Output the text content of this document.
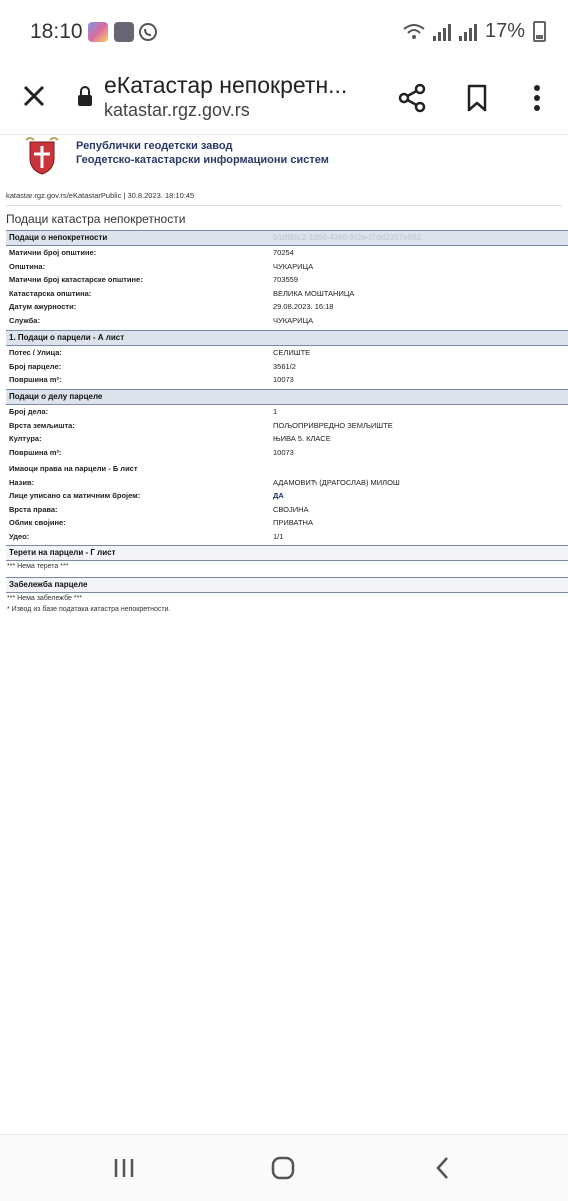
18:10	17%
еКатастар непокретн...
katastar.rgz.gov.rs
Републички геодетски завод
Геодетско-катастарски информациони систем
katastar.rgz.gov.rs/eKatastarPublic | 30.8.2023. 18:10:45
Подаци катастра непокретности
Подаци о непокретности	b1df8fc2-1d90-4360-9f2e-f7dd2317e952
Матични број општине:	70254
Општина:	ЧУКАРИЦА
Матични број катастарске општине:	703559
Катастарска општина:	ВЕЛИКА МОШТАНИЦА
Датум ажурности:	29.08.2023. 16:18
Служба:	ЧУКАРИЦА
1. Подаци о парцели - А лист
Потес / Улица:	СЕЛИШТЕ
Број парцеле:	3561/2
Површина m²:	10073
Подаци о делу парцеле
Број дела:	1
Врста земљишта:	ПОЉОПРИВРЕДНО ЗЕМЉИШТЕ
Култура:	ЊИВА 5. КЛАСЕ
Површина m²:	10073
Имаоци права на парцели - Б лист
Назив:	АДАМОВИЋ (ДРАГОСЛАВ) МИЛОШ
Лице уписано са матичним бројем:	ДА
Врста права:	СВОЈИНА
Облик својине:	ПРИВАТНА
Удео:	1/1
Терети на парцели - Г лист
*** Нема терета ***
Забележба парцеле
*** Нема забележбе ***
* Извод из базе података катастра непокретности.
